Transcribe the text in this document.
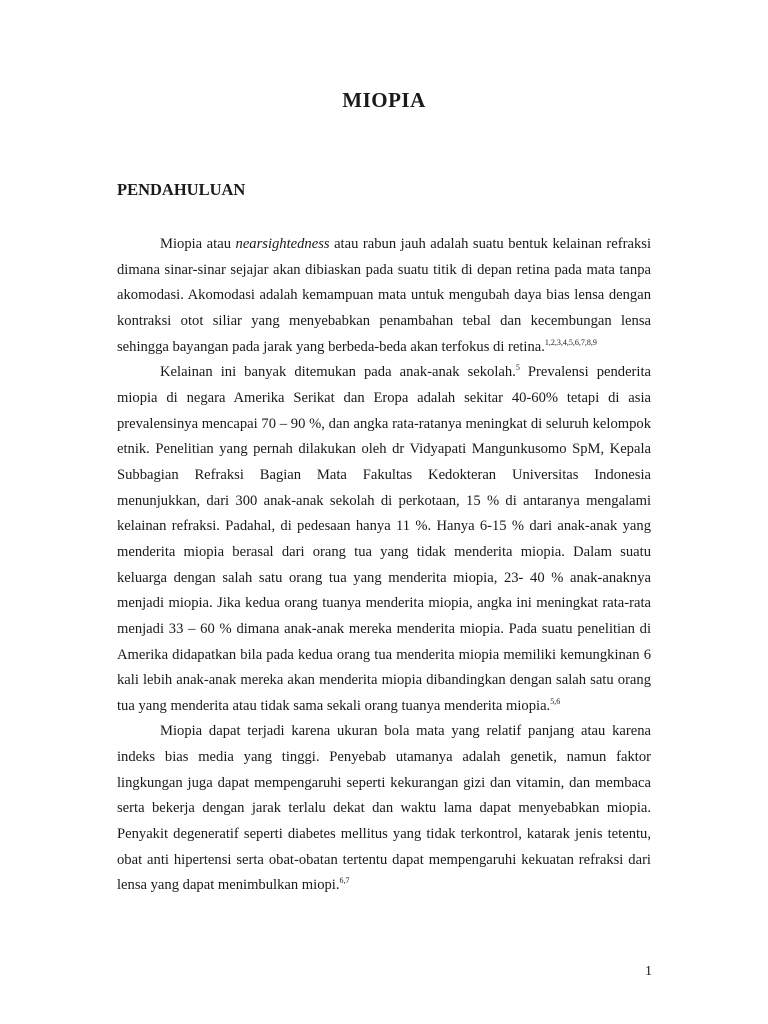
MIOPIA
PENDAHULUAN

Miopia atau nearsightedness atau rabun jauh adalah suatu bentuk kelainan refraksi dimana sinar-sinar sejajar akan dibiaskan pada suatu titik di depan retina pada mata tanpa akomodasi. Akomodasi adalah kemampuan mata untuk mengubah daya bias lensa dengan kontraksi otot siliar yang menyebabkan penambahan tebal dan kecembungan lensa sehingga bayangan pada jarak yang berbeda-beda akan terfokus di retina.$^{1,2,3,4,5,6,7,8,9}$

Kelainan ini banyak ditemukan pada anak-anak sekolah.$^5$ Prevalensi penderita miopia di negara Amerika Serikat dan Eropa adalah sekitar 40-60% tetapi di asia prevalensinya mencapai 70 – 90 %, dan angka rata-ratanya meningkat di seluruh kelompok etnik. Penelitian yang pernah dilakukan oleh dr Vidyapati Mangunkusomo SpM, Kepala Subbagian Refraksi Bagian Mata Fakultas Kedokteran Universitas Indonesia menunjukkan, dari 300 anak-anak sekolah di perkotaan, 15 % di antaranya mengalami kelainan refraksi. Padahal, di pedesaan hanya 11 %. Hanya 6-15 % dari anak-anak yang menderita miopia berasal dari orang tua yang tidak menderita miopia. Dalam suatu keluarga dengan salah satu orang tua yang menderita miopia, 23- 40 % anak-anaknya menjadi miopia. Jika kedua orang tuanya menderita miopia, angka ini meningkat rata-rata menjadi 33 – 60 % dimana anak-anak mereka menderita miopia. Pada suatu penelitian di Amerika didapatkan bila pada kedua orang tua menderita miopia memiliki kemungkinan 6 kali lebih anak-anak mereka akan menderita miopia dibandingkan dengan salah satu orang tua yang menderita atau tidak sama sekali orang tuanya menderita miopia.$^{5,6}$

Miopia dapat terjadi karena ukuran bola mata yang relatif panjang atau karena indeks bias media yang tinggi. Penyebab utamanya adalah genetik, namun faktor lingkungan juga dapat mempengaruhi seperti kekurangan gizi dan vitamin, dan membaca serta bekerja dengan jarak terlalu dekat dan waktu lama dapat menyebabkan miopia. Penyakit degeneratif seperti diabetes mellitus yang tidak terkontrol, katarak jenis tetentu, obat anti hipertensi serta obat-obatan tertentu dapat mempengaruhi kekuatan refraksi dari lensa yang dapat menimbulkan miopi.$^{6,7}$

1
